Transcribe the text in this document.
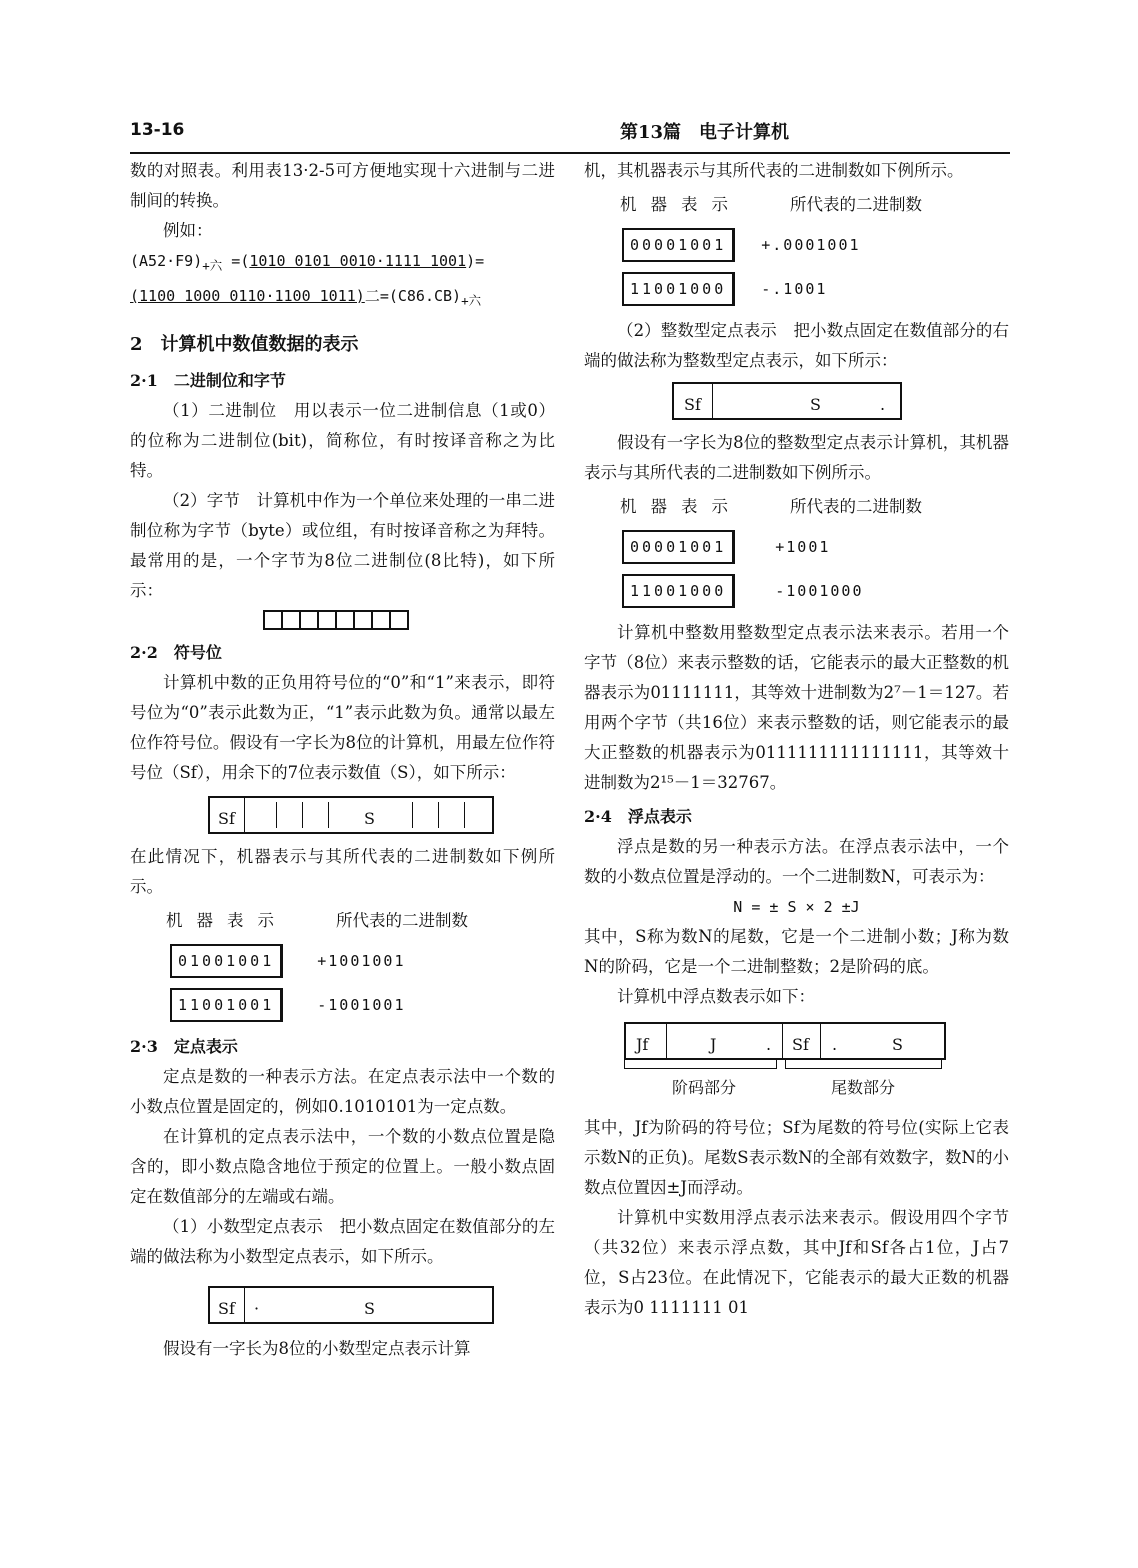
13-16	第13篇　电子计算机

数的对照表。利用表13·2-5可方便地实现十六进制与二进制间的转换。

例如：

$(A52\cdot F9)_{+六} =(1010$ 0101 0010·1111 1001)=
(1100 1000 0110·1100 1011)二$=(C86.CB)_{+六}$
2　计算机中数值数据的表示
2·1　二进制位和字节

（1）二进制位　用以表示一位二进制信息（1或0）的位称为二进制位(bit)，简称位，有时按译音称之为比特。

（2）字节　计算机中作为一个单位来处理的一串二进制位称为字节（byte）或位组，有时按译音称之为拜特。最常用的是，一个字节为8位二进制位(8比特)，如下所示：

2·2　符号位

计算机中数的正负用符号位的“0”和“1”来表示，即符号位为“0”表示此数为正，“1”表示此数为负。通常以最左位作符号位。假设有一字长为8位的计算机，用最左位作符号位（Sf），用余下的7位表示数值（S），如下所示：

Sf	S

在此情况下，机器表示与其所代表的二进制数如下例所示。

机器表示	所代表的二进制数
01001001	+1001001
11001001	-1001001
2·3　定点表示

定点是数的一种表示方法。在定点表示法中一个数的小数点位置是固定的，例如0.1010101为一定点数。

在计算机的定点表示法中，一个数的小数点位置是隐含的，即小数点隐含地位于预定的位置上。一般小数点固定在数值部分的左端或右端。

（1）小数型定点表示　把小数点固定在数值部分的左端的做法称为小数型定点表示，如下所示。

Sf ·	S

假设有一字长为8位的小数型定点表示计算

机，其机器表示与其所代表的二进制数如下例所示。

机器表示	所代表的二进制数
00001001	+.0001001
11001000	-.1001

（2）整数型定点表示　把小数点固定在数值部分的右端的做法称为整数型定点表示，如下所示：

Sf	S	.

假设有一字长为8位的整数型定点表示计算机，其机器表示与其所代表的二进制数如下例所示。

机器表示	所代表的二进制数
00001001	+1001
11001000	-1001000

计算机中整数用整数型定点表示法来表示。若用一个字节（8位）来表示整数的话，它能表示的最大正整数的机器表示为01111111，其等效十进制数为2⁷－1＝127。若用两个字节（共16位）来表示整数的话，则它能表示的最大正整数的机器表示为0111111111111111，其等效十进制数为2¹⁵－1＝32767。

2·4　浮点表示

浮点是数的另一种表示方法。在浮点表示法中，一个数的小数点位置是浮动的。一个二进制数N，可表示为：

N = ± S × 2 ±J

其中，S称为数N的尾数，它是一个二进制小数；J称为数N的阶码，它是一个二进制整数；2是阶码的底。

计算机中浮点数表示如下：

Jf	J	. Sf .	S
阶码部分	尾数部分

其中，Jf为阶码的符号位；Sf为尾数的符号位(实际上它表示数N的正负)。尾数S表示数N的全部有效数字，数N的小数点位置因±J而浮动。

计算机中实数用浮点表示法来表示。假设用四个字节（共32位）来表示浮点数，其中Jf和Sf各占1位，J占7位，S占23位。在此情况下，它能表示的最大正数的机器表示为0 1111111 01
